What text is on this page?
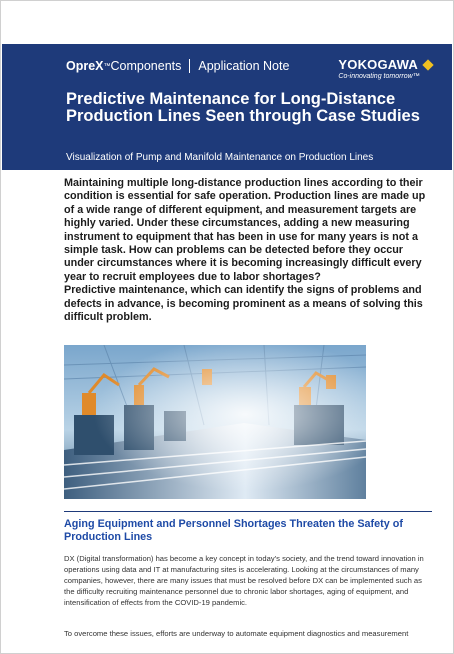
OpreX ™ Components Application Note	YOKOGAWA
Co-innovating tomorrow™
Predictive Maintenance for Long-Distance Production Lines Seen through Case Studies
Visualization of Pump and Manifold Maintenance on Production Lines
Maintaining multiple long-distance production lines according to their condition is essential for safe operation. Production lines are made up of a wide range of different equipment, and measurement targets are highly varied. Under these circumstances, adding a new measuring instrument to equipment that has been in use for many years is not a simple task. How can problems can be detected before they occur under circumstances where it is becoming increasingly difficult every year to recruit employees due to labor shortages?
Predictive maintenance, which can identify the signs of problems and defects in advance, is becoming prominent as a means of solving this difficult problem.
Aging Equipment and Personnel Shortages Threaten the Safety of Production Lines
DX (Digital transformation) has become a key concept in today’s society, and the trend toward innovation in operations using data and IT at manufacturing sites is accelerating. Looking at the circumstances of many companies, however, there are many issues that must be resolved before DX can be implemented such as the difficulty recruiting maintenance personnel due to chronic labor shortages, aging of equipment, and intensification of effects from the COVID-19 pandemic.
To overcome these issues, efforts are underway to automate equipment diagnostics and measurement
